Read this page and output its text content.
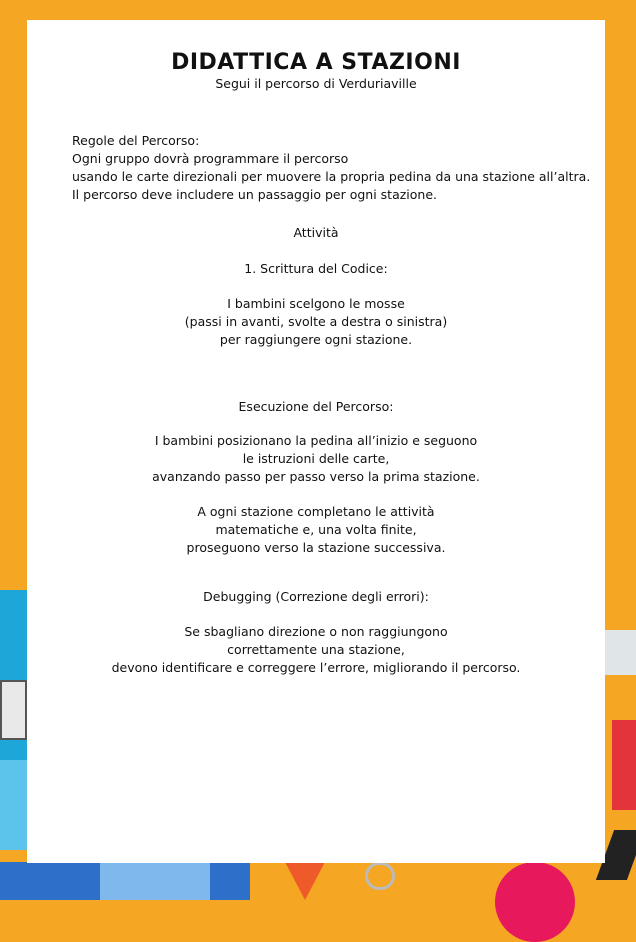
DIDATTICA A STAZIONI
Segui il percorso di Verduriaville
Regole del Percorso:
Ogni gruppo dovrà programmare il percorso
usando le carte direzionali per muovere la propria pedina da una stazione all’altra.
Il percorso deve includere un passaggio per ogni stazione.
Attività
1. Scrittura del Codice:
I bambini scelgono le mosse
(passi in avanti, svolte a destra o sinistra)
per raggiungere ogni stazione.
Esecuzione del Percorso:
I bambini posizionano la pedina all’inizio e seguono
le istruzioni delle carte,
avanzando passo per passo verso la prima stazione.
A ogni stazione completano le attività
matematiche e, una volta finite,
proseguono verso la stazione successiva.
Debugging (Correzione degli errori):
Se sbagliano direzione o non raggiungono
correttamente una stazione,
devono identificare e correggere l’errore, migliorando il percorso.
